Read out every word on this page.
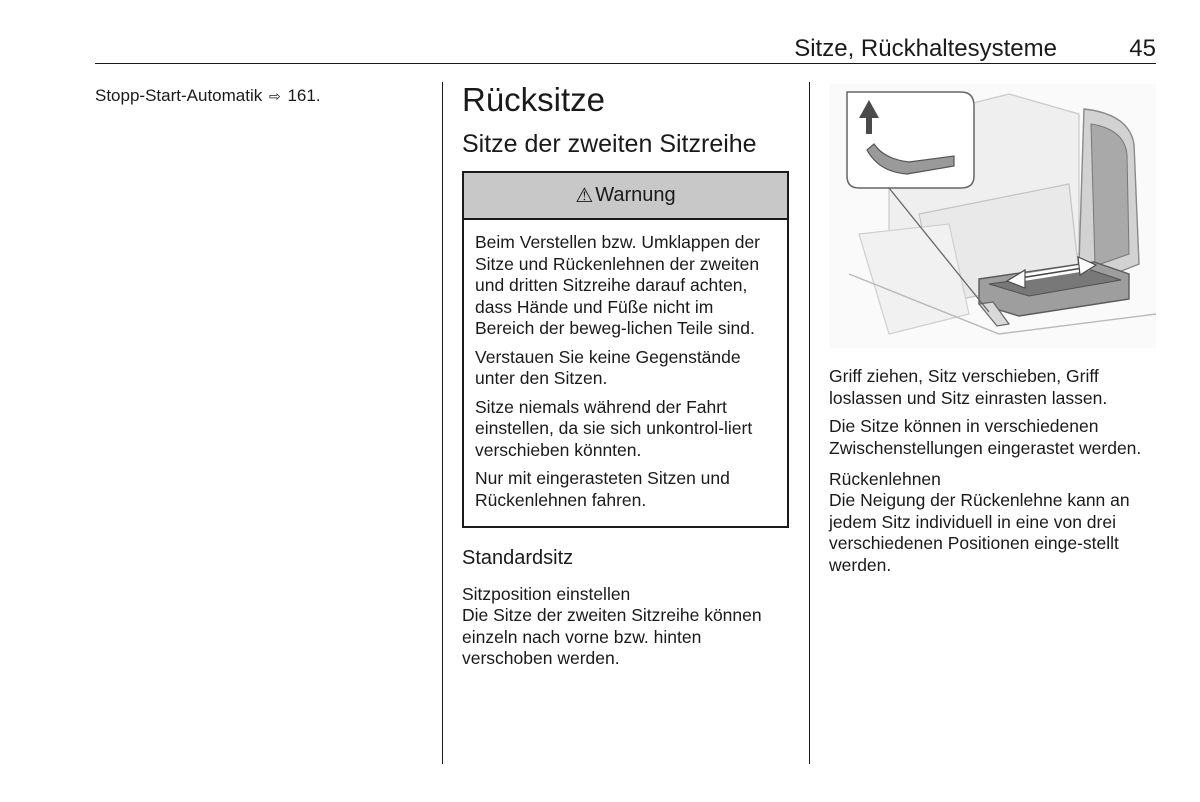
Sitze, Rückhaltesysteme	45
Stopp-Start-Automatik ⇨ 161.	Rücksitze
Sitze der zweiten Sitzreihe
⚠ Warnung

Beim Verstellen bzw. Umklappen der Sitze und Rückenlehnen der zweiten und dritten Sitzreihe darauf achten, dass Hände und Füße nicht im Bereich der beweg‑lichen Teile sind.

Verstauen Sie keine Gegenstände unter den Sitzen.

Sitze niemals während der Fahrt einstellen, da sie sich unkontrol‑liert verschieben könnten.

Nur mit eingerasteten Sitzen und Rückenlehnen fahren.

Standardsitz
Sitzposition einstellen

Die Sitze der zweiten Sitzreihe können einzeln nach vorne bzw. hinten verschoben werden.

Griff ziehen, Sitz verschieben, Griff loslassen und Sitz einrasten lassen.

Die Sitze können in verschiedenen Zwischenstellungen eingerastet werden.

Rückenlehnen

Die Neigung der Rückenlehne kann an jedem Sitz individuell in eine von drei verschiedenen Positionen einge‑stellt werden.
